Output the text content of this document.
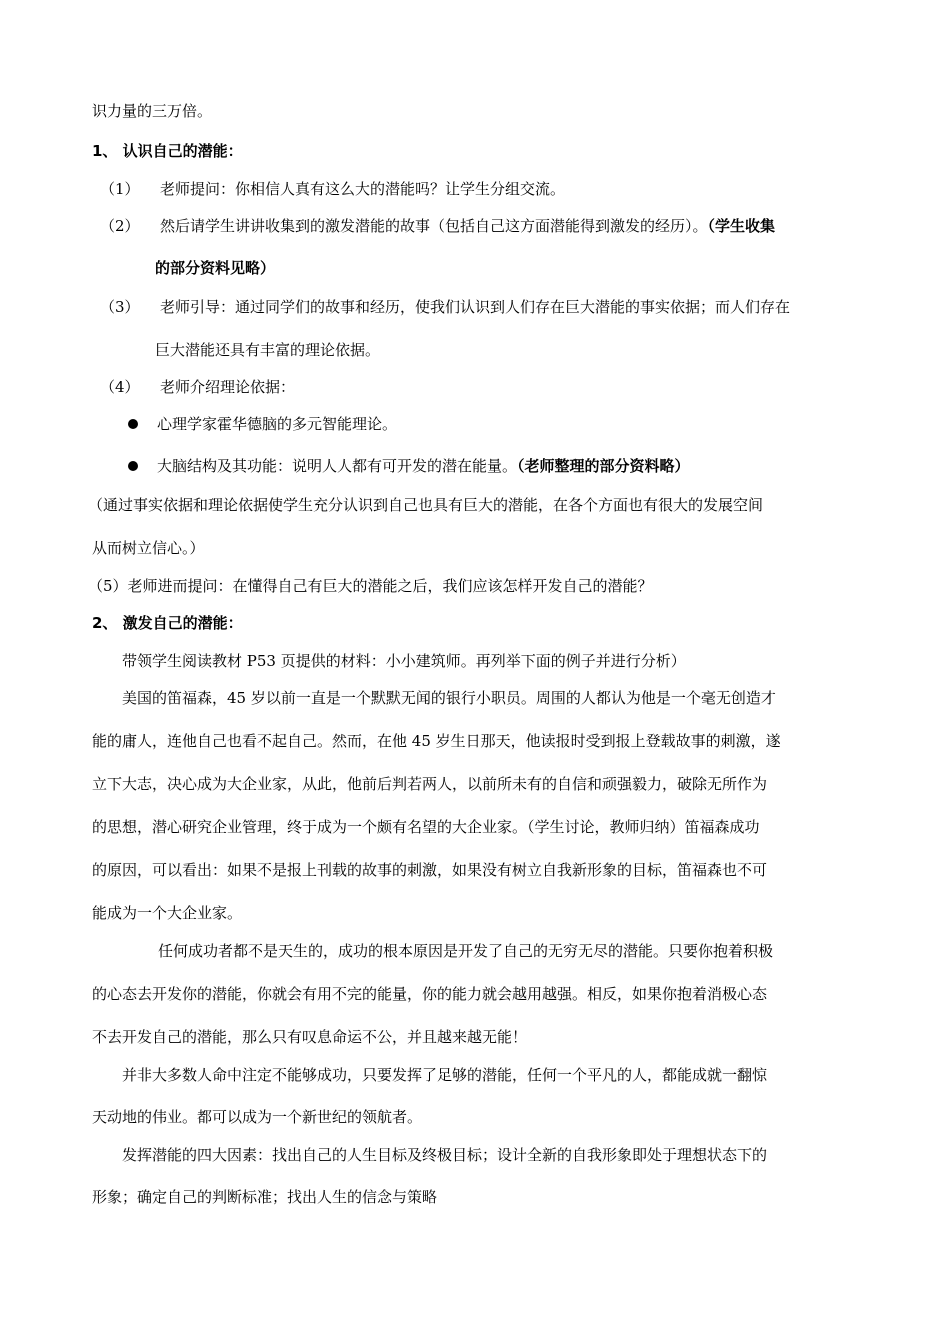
识力量的三万倍。
1、 认识自己的潜能：
（1） 老师提问：你相信人真有这么大的潜能吗？让学生分组交流。
（2） 然后请学生讲讲收集到的激发潜能的故事（包括自己这方面潜能得到激发的经历）。（学生收集
的部分资料见略）
（3） 老师引导：通过同学们的故事和经历，使我们认识到人们存在巨大潜能的事实依据；而人们存在
巨大潜能还具有丰富的理论依据。
（4） 老师介绍理论依据：
心理学家霍华德脑的多元智能理论。
大脑结构及其功能：说明人人都有可开发的潜在能量。（老师整理的部分资料略）
（通过事实依据和理论依据使学生充分认识到自己也具有巨大的潜能，在各个方面也有很大的发展空间
从而树立信心。）
（5）老师进而提问：在懂得自己有巨大的潜能之后，我们应该怎样开发自己的潜能？
2、 激发自己的潜能：
带领学生阅读教材 P53 页提供的材料：小小建筑师。再列举下面的例子并进行分析）
美国的笛福森，45 岁以前一直是一个默默无闻的银行小职员。周围的人都认为他是一个毫无创造才
能的庸人，连他自己也看不起自己。然而，在他 45 岁生日那天，他读报时受到报上登载故事的刺激，遂
立下大志，决心成为大企业家，从此，他前后判若两人，以前所未有的自信和顽强毅力，破除无所作为
的思想，潜心研究企业管理，终于成为一个颇有名望的大企业家。（学生讨论，教师归纳）笛福森成功
的原因，可以看出：如果不是报上刊载的故事的刺激，如果没有树立自我新形象的目标，笛福森也不可
能成为一个大企业家。
任何成功者都不是天生的，成功的根本原因是开发了自己的无穷无尽的潜能。只要你抱着积极
的心态去开发你的潜能，你就会有用不完的能量，你的能力就会越用越强。相反，如果你抱着消极心态
不去开发自己的潜能，那么只有叹息命运不公，并且越来越无能！
并非大多数人命中注定不能够成功，只要发挥了足够的潜能，任何一个平凡的人，都能成就一翻惊
天动地的伟业。都可以成为一个新世纪的领航者。
发挥潜能的四大因素：找出自己的人生目标及终极目标；设计全新的自我形象即处于理想状态下的
形象；确定自己的判断标准；找出人生的信念与策略
